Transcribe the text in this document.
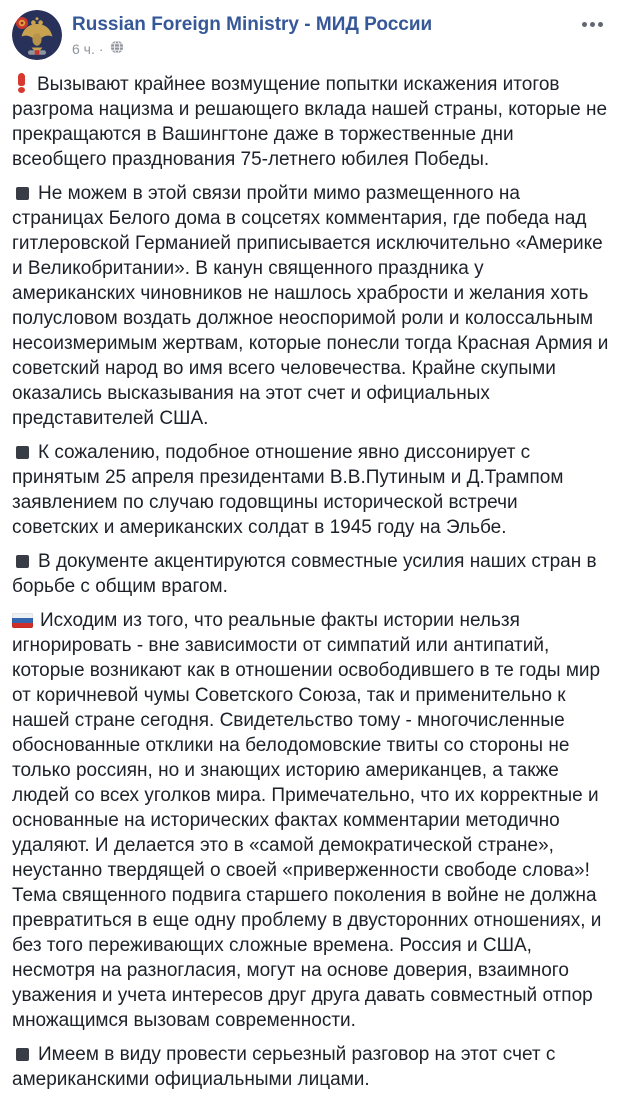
Russian Foreign Ministry - МИД России
6 ч. ·

Вызывают крайнее возмущение попытки искажения итогов разгрома нацизма и решающего вклада нашей страны, которые не прекращаются в Вашингтоне даже в торжественные дни всеобщего празднования 75-летнего юбилея Победы.

Не можем в этой связи пройти мимо размещенного на страницах Белого дома в соцсетях комментария, где победа над гитлеровской Германией приписывается исключительно «Америке и Великобритании». В канун священного праздника у американских чиновников не нашлось храбрости и желания хоть полусловом воздать должное неоспоримой роли и колоссальным несоизмеримым жертвам, которые понесли тогда Красная Армия и советский народ во имя всего человечества. Крайне скупыми оказались высказывания на этот счет и официальных представителей США.

К сожалению, подобное отношение явно диссонирует с принятым 25 апреля президентами В.В.Путиным и Д.Трампом заявлением по случаю годовщины исторической встречи советских и американских солдат в 1945 году на Эльбе.

В документе акцентируются совместные усилия наших стран в борьбе с общим врагом.

Исходим из того, что реальные факты истории нельзя игнорировать - вне зависимости от симпатий или антипатий, которые возникают как в отношении освободившего в те годы мир от коричневой чумы Советского Союза, так и применительно к нашей стране сегодня. Свидетельство тому - многочисленные обоснованные отклики на белодомовские твиты со стороны не только россиян, но и знающих историю американцев, а также людей со всех уголков мира. Примечательно, что их корректные и основанные на исторических фактах комментарии методично удаляют. И делается это в «самой демократической стране», неустанно твердящей о своей «приверженности свободе слова»! Тема священного подвига старшего поколения в войне не должна превратиться в еще одну проблему в двусторонних отношениях, и без того переживающих сложные времена. Россия и США, несмотря на разногласия, могут на основе доверия, взаимного уважения и учета интересов друг друга давать совместный отпор множащимся вызовам современности.

Имеем в виду провести серьезный разговор на этот счет с американскими официальными лицами.
